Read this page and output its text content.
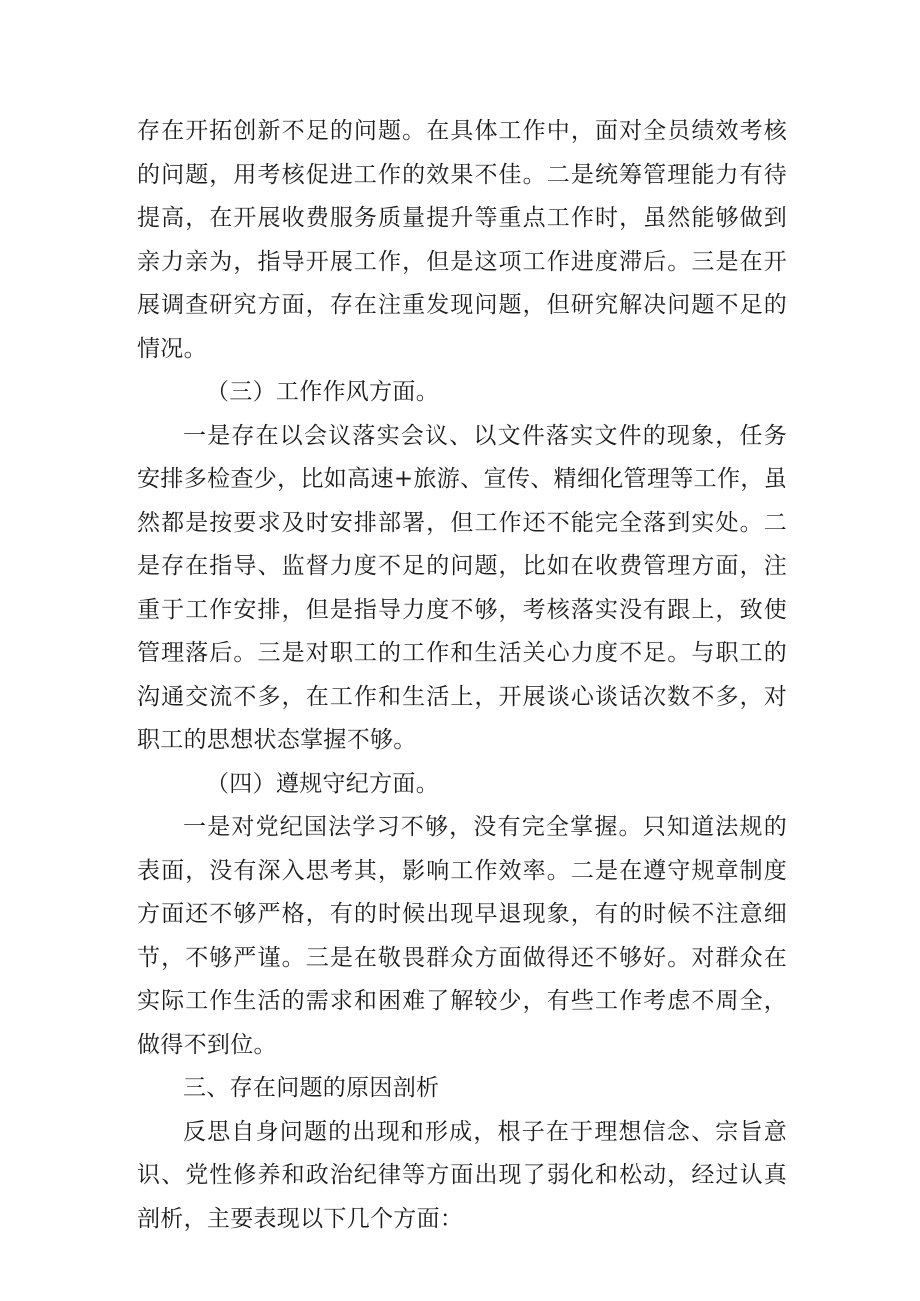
存在开拓创新不足的问题。在具体工作中，面对全员绩效考核的问题，用考核促进工作的效果不佳。二是统筹管理能力有待提高，在开展收费服务质量提升等重点工作时，虽然能够做到亲力亲为，指导开展工作，但是这项工作进度滞后。三是在开展调查研究方面，存在注重发现问题，但研究解决问题不足的情况。

（三）工作作风方面。

一是存在以会议落实会议、以文件落实文件的现象，任务安排多检查少，比如高速+旅游、宣传、精细化管理等工作，虽然都是按要求及时安排部署，但工作还不能完全落到实处。二是存在指导、监督力度不足的问题，比如在收费管理方面，注重于工作安排，但是指导力度不够，考核落实没有跟上，致使管理落后。三是对职工的工作和生活关心力度不足。与职工的沟通交流不多，在工作和生活上，开展谈心谈话次数不多，对职工的思想状态掌握不够。

（四）遵规守纪方面。

一是对党纪国法学习不够，没有完全掌握。只知道法规的表面，没有深入思考其，影响工作效率。二是在遵守规章制度方面还不够严格，有的时候出现早退现象，有的时候不注意细节，不够严谨。三是在敬畏群众方面做得还不够好。对群众在实际工作生活的需求和困难了解较少，有些工作考虑不周全，做得不到位。

三、存在问题的原因剖析

反思自身问题的出现和形成，根子在于理想信念、宗旨意识、党性修养和政治纪律等方面出现了弱化和松动，经过认真剖析，主要表现以下几个方面：
